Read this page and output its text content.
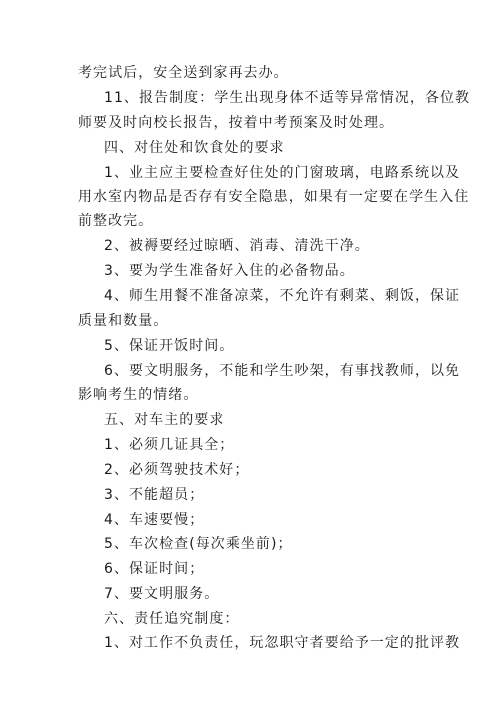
考完试后，安全送到家再去办。
11、报告制度：学生出现身体不适等异常情况，各位教
师要及时向校长报告，按着中考预案及时处理。
四、对住处和饮食处的要求
1、业主应主要检查好住处的门窗玻璃，电路系统以及
用水室内物品是否存有安全隐患，如果有一定要在学生入住
前整改完。
2、被褥要经过晾晒、消毒、清洗干净。
3、要为学生准备好入住的必备物品。
4、师生用餐不准备凉菜，不允许有剩菜、剩饭，保证
质量和数量。
5、保证开饭时间。
6、要文明服务，不能和学生吵架，有事找教师，以免
影响考生的情绪。
五、对车主的要求
1、必须几证具全；
2、必须驾驶技术好；
3、不能超员；
4、车速要慢；
5、车次检查(每次乘坐前)；
6、保证时间；
7、要文明服务。
六、责任追究制度：
1、对工作不负责任，玩忽职守者要给予一定的批评教
